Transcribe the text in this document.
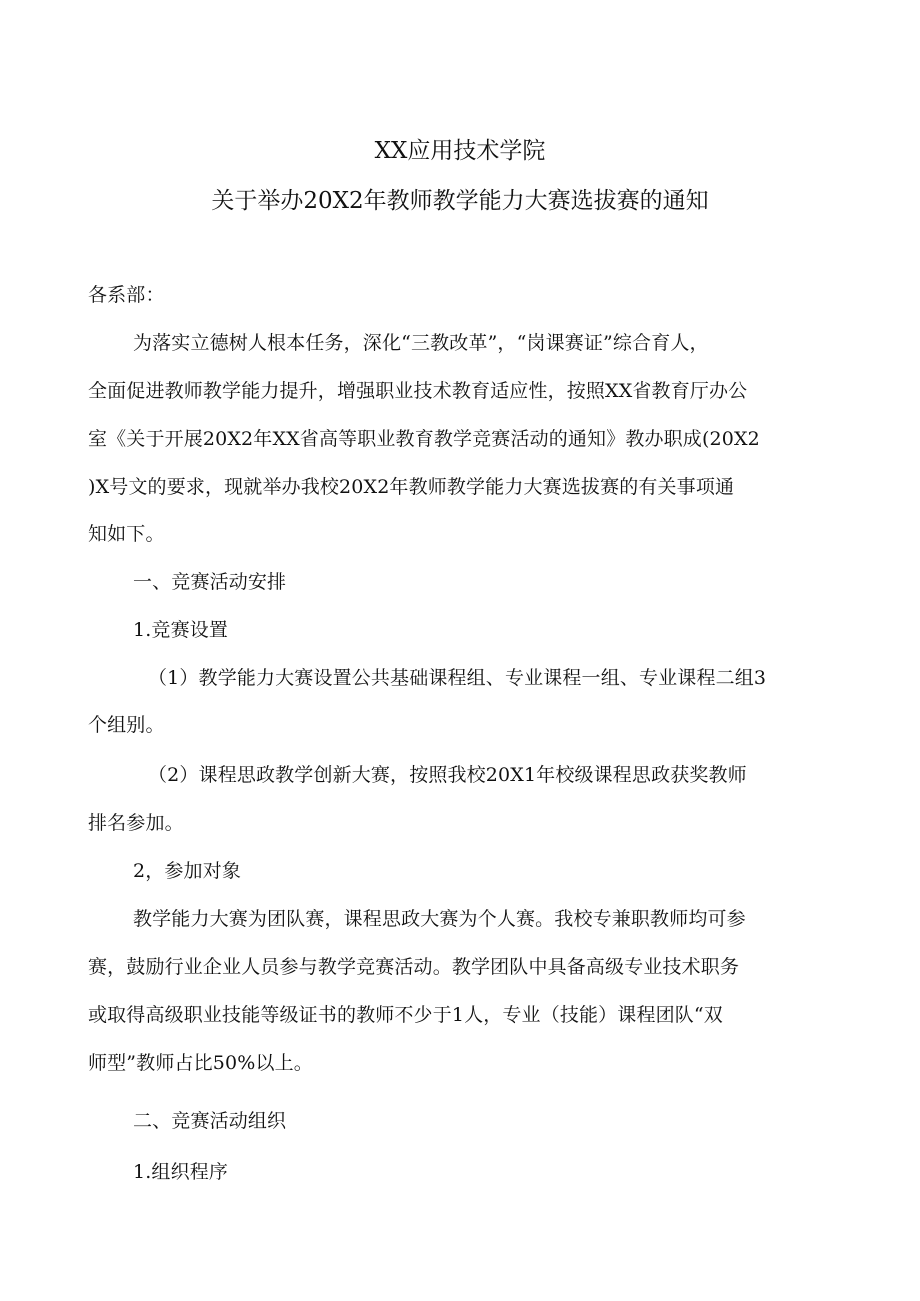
XX应用技术学院
关于举办20X2年教师教学能力大赛选拔赛的通知
各系部：
为落实立德树人根本任务，深化“三教改革”，“岗课赛证”综合育人，
全面促进教师教学能力提升，增强职业技术教育适应性，按照XX省教育厅办公
室《关于开展20X2年XX省高等职业教育教学竞赛活动的通知》教办职成(20X2
)X号文的要求，现就举办我校20X2年教师教学能力大赛选拔赛的有关事项通
知如下。
一、竞赛活动安排
1.竞赛设置
（1）教学能力大赛设置公共基础课程组、专业课程一组、专业课程二组3
个组别。
（2）课程思政教学创新大赛，按照我校20X1年校级课程思政获奖教师
排名参加。
2，参加对象
教学能力大赛为团队赛，课程思政大赛为个人赛。我校专兼职教师均可参
赛，鼓励行业企业人员参与教学竞赛活动。教学团队中具备高级专业技术职务
或取得高级职业技能等级证书的教师不少于1人，专业（技能）课程团队“双
师型”教师占比50%以上。
二、竞赛活动组织
1.组织程序
